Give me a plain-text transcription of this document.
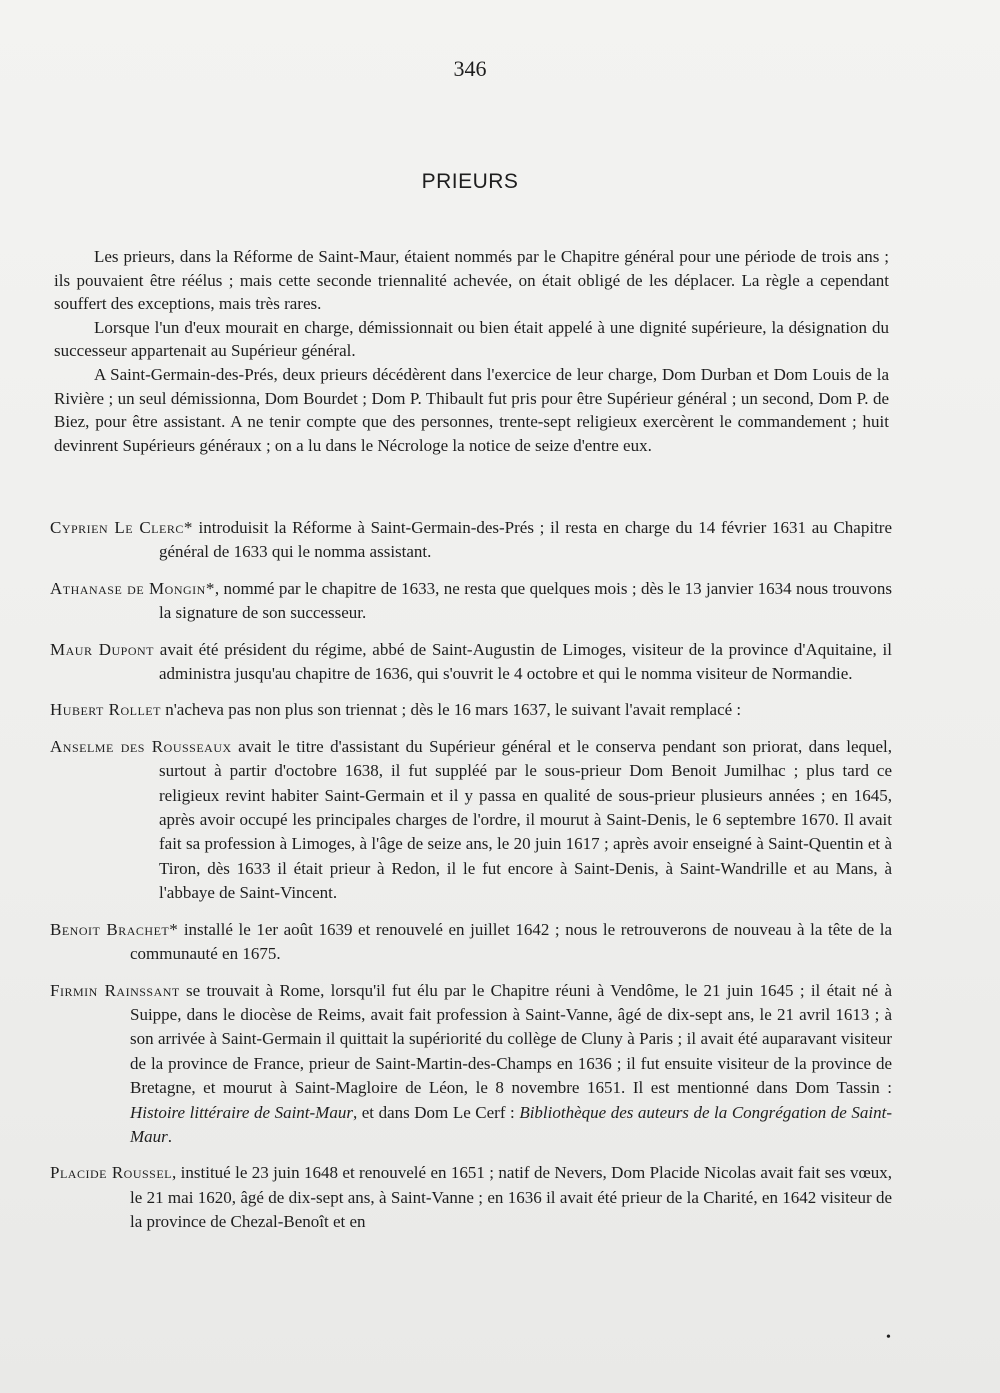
346
PRIEURS

Les prieurs, dans la Réforme de Saint-Maur, étaient nommés par le Chapitre général pour une période de trois ans ; ils pouvaient être réélus ; mais cette seconde triennalité achevée, on était obligé de les déplacer. La règle a cependant souffert des exceptions, mais très rares.

Lorsque l'un d'eux mourait en charge, démissionnait ou bien était appelé à une dignité supérieure, la désignation du successeur appartenait au Supérieur général.

A Saint-Germain-des-Prés, deux prieurs décédèrent dans l'exercice de leur charge, Dom Durban et Dom Louis de la Rivière ; un seul démissionna, Dom Bourdet ; Dom P. Thibault fut pris pour être Supérieur général ; un second, Dom P. de Biez, pour être assistant. A ne tenir compte que des personnes, trente-sept religieux exercèrent le commandement ; huit devinrent Supérieurs généraux ; on a lu dans le Nécrologe la notice de seize d'entre eux.

Cyprien Le Clerc* introduisit la Réforme à Saint-Germain-des-Prés ; il resta en charge du 14 février 1631 au Chapitre général de 1633 qui le nomma assistant.

Athanase de Mongin*, nommé par le chapitre de 1633, ne resta que quelques mois ; dès le 13 janvier 1634 nous trouvons la signature de son successeur.

Maur Dupont avait été président du régime, abbé de Saint-Augustin de Limoges, visiteur de la province d'Aquitaine, il administra jusqu'au chapitre de 1636, qui s'ouvrit le 4 octobre et qui le nomma visiteur de Normandie.

Hubert Rollet n'acheva pas non plus son triennat ; dès le 16 mars 1637, le suivant l'avait remplacé :

Anselme des Rousseaux avait le titre d'assistant du Supérieur général et le conserva pendant son priorat, dans lequel, surtout à partir d'octobre 1638, il fut suppléé par le sous-prieur Dom Benoit Jumilhac ; plus tard ce religieux revint habiter Saint-Germain et il y passa en qualité de sous-prieur plusieurs années ; en 1645, après avoir occupé les principales charges de l'ordre, il mourut à Saint-Denis, le 6 septembre 1670. Il avait fait sa profession à Limoges, à l'âge de seize ans, le 20 juin 1617 ; après avoir enseigné à Saint-Quentin et à Tiron, dès 1633 il était prieur à Redon, il le fut encore à Saint-Denis, à Saint-Wandrille et au Mans, à l'abbaye de Saint-Vincent.

Benoit Brachet* installé le 1er août 1639 et renouvelé en juillet 1642 ; nous le retrouverons de nouveau à la tête de la communauté en 1675.

Firmin Rainssant se trouvait à Rome, lorsqu'il fut élu par le Chapitre réuni à Vendôme, le 21 juin 1645 ; il était né à Suippe, dans le diocèse de Reims, avait fait profession à Saint-Vanne, âgé de dix-sept ans, le 21 avril 1613 ; à son arrivée à Saint-Germain il quittait la supériorité du collège de Cluny à Paris ; il avait été auparavant visiteur de la province de France, prieur de Saint-Martin-des-Champs en 1636 ; il fut ensuite visiteur de la province de Bretagne, et mourut à Saint-Magloire de Léon, le 8 novembre 1651. Il est mentionné dans Dom Tassin : Histoire littéraire de Saint-Maur, et dans Dom Le Cerf : Bibliothèque des auteurs de la Congrégation de Saint-Maur.

Placide Roussel, institué le 23 juin 1648 et renouvelé en 1651 ; natif de Nevers, Dom Placide Nicolas avait fait ses vœux, le 21 mai 1620, âgé de dix-sept ans, à Saint-Vanne ; en 1636 il avait été prieur de la Charité, en 1642 visiteur de la province de Chezal-Benoît et en

•
